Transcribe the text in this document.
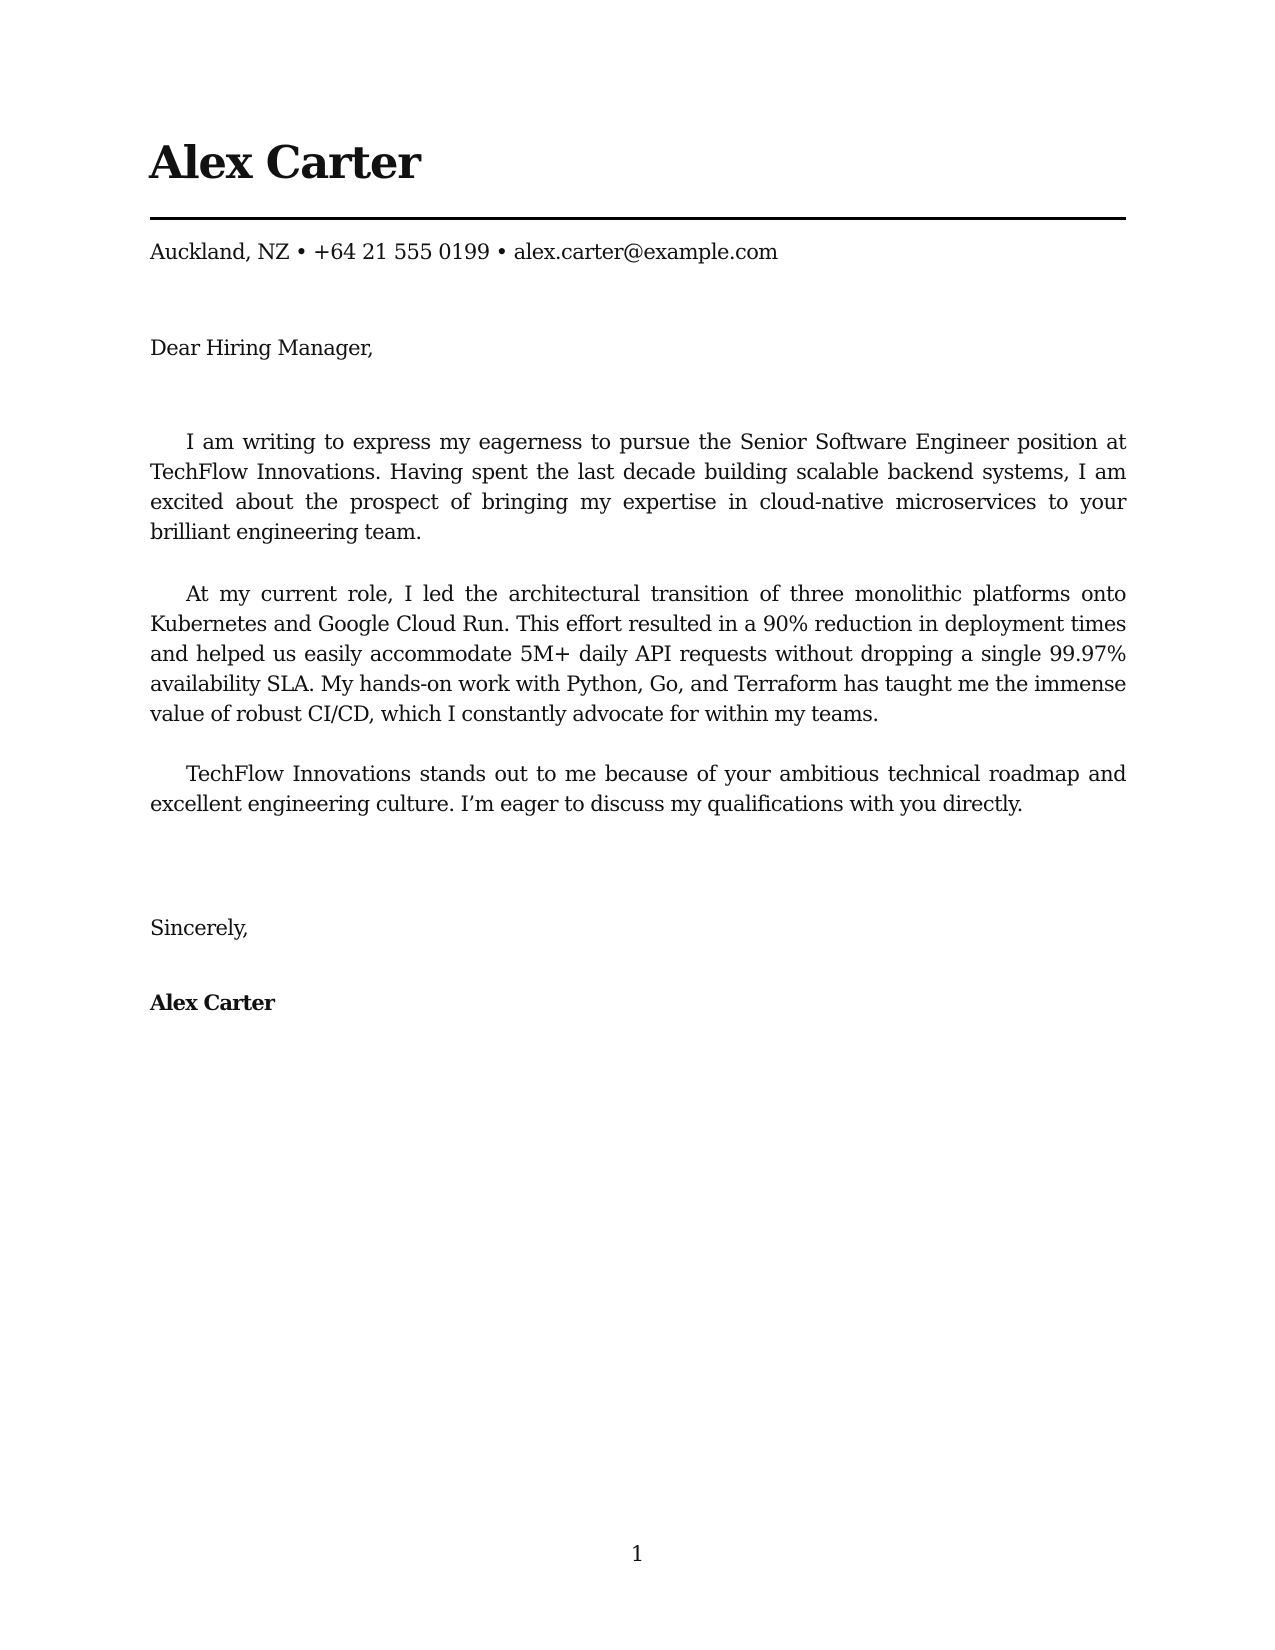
Alex Carter
Auckland, NZ • +64 21 555 0199 • alex.carter@example.com
Dear Hiring Manager,

I am writing to express my eagerness to pursue the Senior Software Engineer position at TechFlow Innovations. Having spent the last decade building scalable backend systems, I am excited about the prospect of bringing my expertise in cloud-native microservices to your brilliant engineering team.

At my current role, I led the architectural transition of three monolithic platforms onto Kubernetes and Google Cloud Run. This effort resulted in a 90% reduction in deployment times and helped us easily accommodate 5M+ daily API requests without dropping a single 99.97% availability SLA. My hands-on work with Python, Go, and Terraform has taught me the immense value of robust CI/CD, which I constantly advocate for within my teams.

TechFlow Innovations stands out to me because of your ambitious technical roadmap and excellent engineering culture. I’m eager to discuss my qualifications with you directly.

Sincerely,
Alex Carter
1
